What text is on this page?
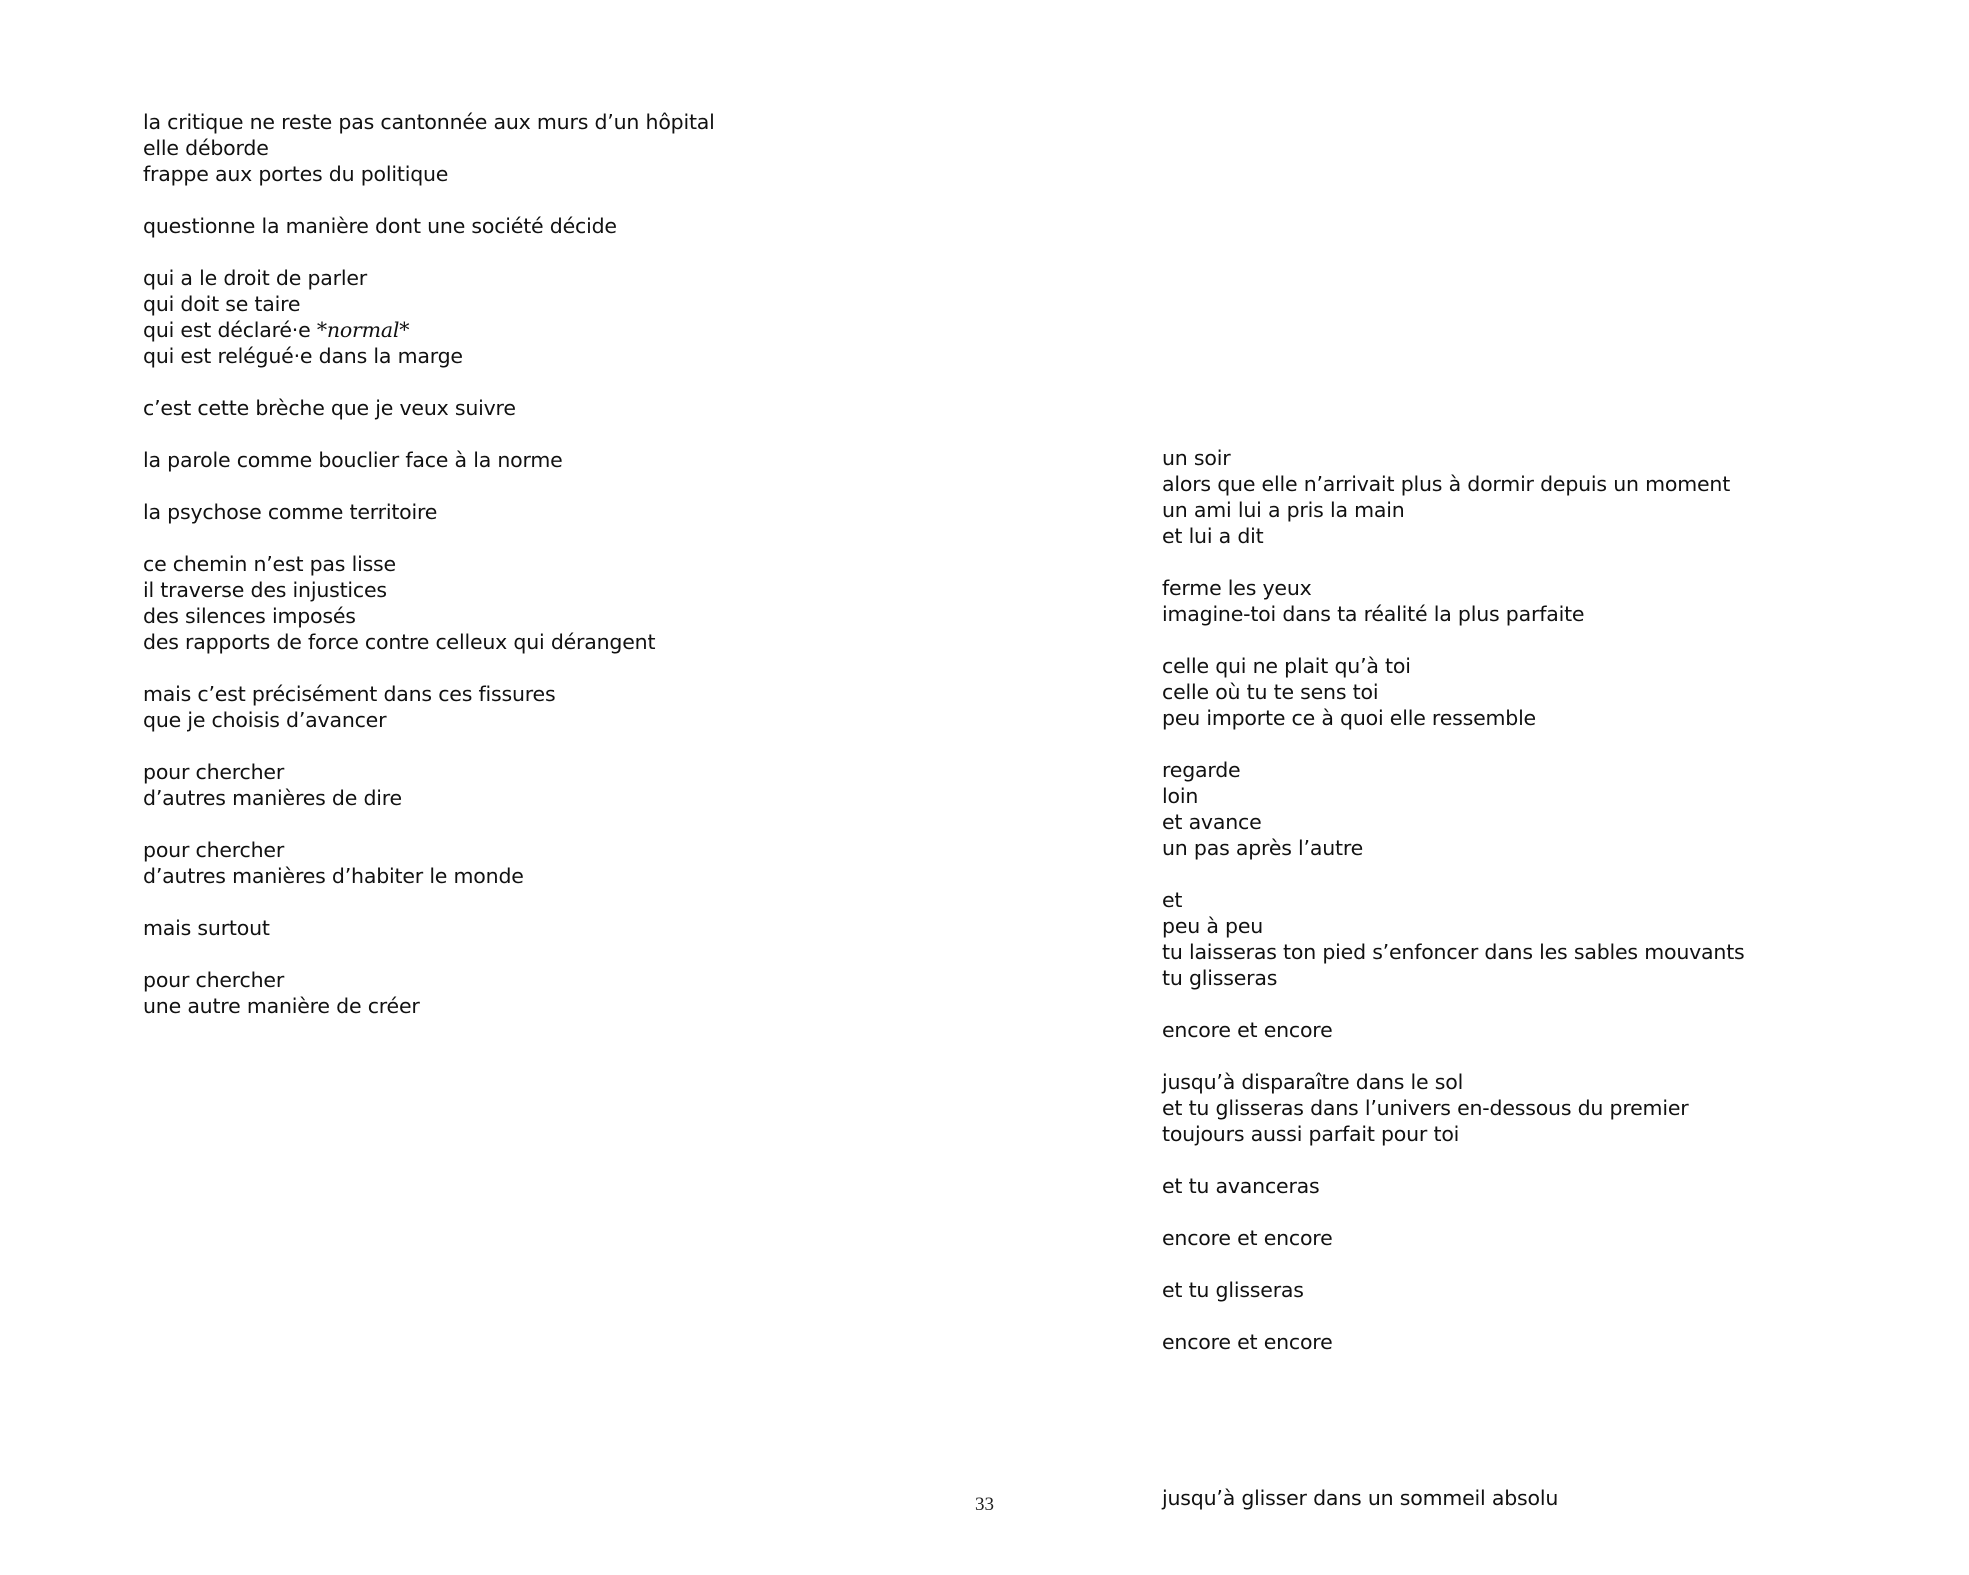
la critique ne reste pas cantonnée aux murs d’un hôpital
elle déborde
frappe aux portes du politique
questionne la manière dont une société décide
qui a le droit de parler
qui doit se taire
qui est déclaré·e *normal*
qui est relégué·e dans la marge
c’est cette brèche que je veux suivre
la parole comme bouclier face à la norme
la psychose comme territoire
ce chemin n’est pas lisse
il traverse des injustices
des silences imposés
des rapports de force contre celleux qui dérangent
mais c’est précisément dans ces fissures
que je choisis d’avancer
pour chercher
d’autres manières de dire
pour chercher
d’autres manières d’habiter le monde
mais surtout
pour chercher
une autre manière de créer
un soir
alors que elle n’arrivait plus à dormir depuis un moment
un ami lui a pris la main
et lui a dit
ferme les yeux
imagine-toi dans ta réalité la plus parfaite
celle qui ne plait qu’à toi
celle où tu te sens toi
peu importe ce à quoi elle ressemble
regarde
loin
et avance
un pas après l’autre
et
peu à peu
tu laisseras ton pied s’enfoncer dans les sables mouvants
tu glisseras
encore et encore
jusqu’à disparaître dans le sol
et tu glisseras dans l’univers en-dessous du premier
toujours aussi parfait pour toi
et tu avanceras
encore et encore
et tu glisseras
encore et encore
jusqu’à glisser dans un sommeil absolu
33
